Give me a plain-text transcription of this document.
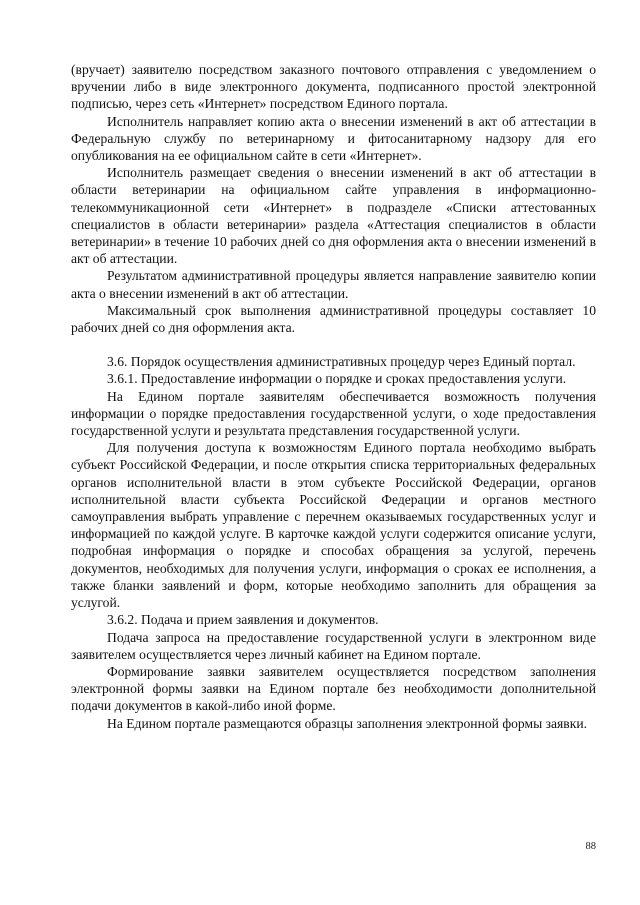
(вручает) заявителю посредством заказного почтового отправления с уведомлением о вручении либо в виде электронного документа, подписанного простой электронной подписью, через сеть «Интернет» посредством Единого портала.

Исполнитель направляет копию акта о внесении изменений в акт об аттестации в Федеральную службу по ветеринарному и фитосанитарному надзору для его опубликования на ее официальном сайте в сети «Интернет».

Исполнитель размещает сведения о внесении изменений в акт об аттестации в области ветеринарии на официальном сайте управления в информационно-телекоммуникационной сети «Интернет» в подразделе «Списки аттестованных специалистов в области ветеринарии» раздела «Аттестация специалистов в области ветеринарии» в течение 10 рабочих дней со дня оформления акта о внесении изменений в акт об аттестации.

Результатом административной процедуры является направление заявителю копии акта о внесении изменений в акт об аттестации.

Максимальный срок выполнения административной процедуры составляет 10 рабочих дней со дня оформления акта.

3.6. Порядок осуществления административных процедур через Единый портал.

3.6.1. Предоставление информации о порядке и сроках предоставления услуги.

На Едином портале заявителям обеспечивается возможность получения информации о порядке предоставления государственной услуги, о ходе предоставления государственной услуги и результата представления государственной услуги.

Для получения доступа к возможностям Единого портала необходимо выбрать субъект Российской Федерации, и после открытия списка территориальных федеральных органов исполнительной власти в этом субъекте Российской Федерации, органов исполнительной власти субъекта Российской Федерации и органов местного самоуправления выбрать управление с перечнем оказываемых государственных услуг и информацией по каждой услуге. В карточке каждой услуги содержится описание услуги, подробная информация о порядке и способах обращения за услугой, перечень документов, необходимых для получения услуги, информация о сроках ее исполнения, а также бланки заявлений и форм, которые необходимо заполнить для обращения за услугой.

3.6.2. Подача и прием заявления и документов.

Подача запроса на предоставление государственной услуги в электронном виде заявителем осуществляется через личный кабинет на Едином портале.

Формирование заявки заявителем осуществляется посредством заполнения электронной формы заявки на Едином портале без необходимости дополнительной подачи документов в какой-либо иной форме.

На Едином портале размещаются образцы заполнения электронной формы заявки.

88
